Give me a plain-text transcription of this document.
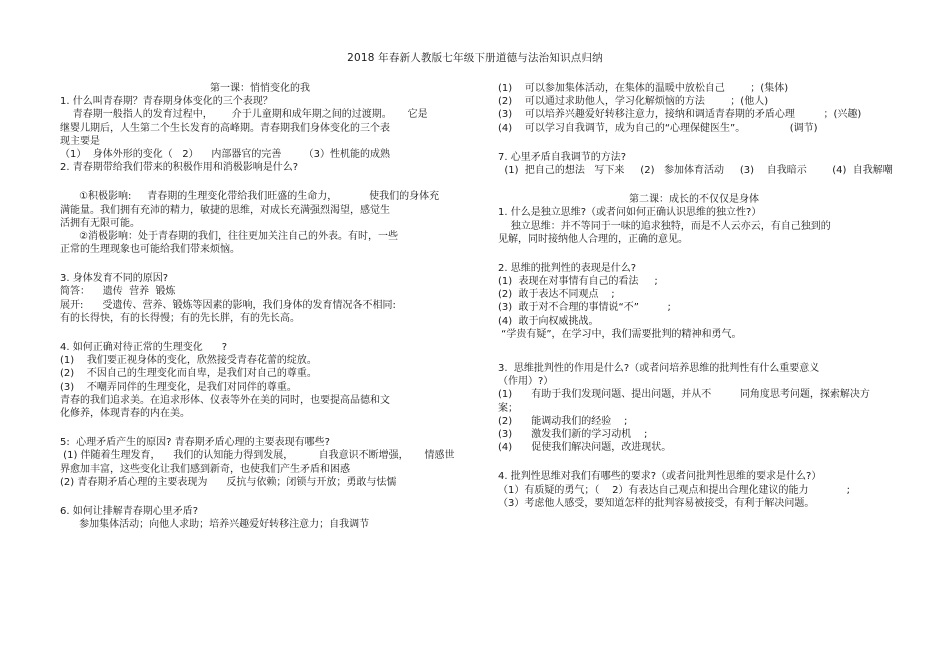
2018 年春新人教版七年级下册道德与法治知识点归纳
第一课：悄悄变化的我
1. 什么叫青春期？青春期身体变化的三个表现？
青春期一般指人的发育过程中，      介于儿童期和成年期之间的过渡期。     它是
继婴儿期后，人生第二个生长发育的高峰期。青春期我们身体变化的三个表
现主要是
（1）  身体外形的变化（   2）    内部器官的完善       （3）性机能的成熟
2. 青春期带给我们带来的积极作用和消极影响是什么?
①积极影响:     青春期的生理变化带给我们旺盛的生命力，          使我们的身体充
满能量。我们拥有充沛的精力，敏捷的思维，对成长充满强烈渴望，感觉生
活拥有无限可能。
②消极影响：处于青春期的我们，往往更加关注自己的外表。有时，一些
正常的生理现象也可能给我们带来烦恼。
3. 身体发育不同的原因?
简答：    遗传  营养  锻炼
展开:      受遗传、营养、锻炼等因素的影响，我们身体的发育情况各不相同:
有的长得快，有的长得慢；有的先长胖，有的先长高。
4. 如何正确对待正常的生理变化      ?
(1)    我们要正视身体的变化，欣然接受青春花蕾的绽放。
(2)    不因自己的生理变化而自卑，是我们对自己的尊重。
(3)    不嘲弄同伴的生理变化，是我们对同伴的尊重。
青春的我们追求美。在追求形体、仪表等外在美的同时，也要提高品德和文
化修养，体现青春的内在美。
5:  心理矛盾产生的原因? 青春期矛盾心理的主要表现有哪些?
(1) 伴随着生理发育，    我们的认知能力得到发展，        自我意识不断增强，     情感世
界愈加丰富，这些变化让我们感到新奇，也使我们产生矛盾和困惑
(2) 青春期矛盾心理的主要表现为      反抗与依赖；闭锁与开放；勇敢与怯懦
6. 如何让排解青春期心里矛盾?
参加集体活动；向他人求助；培养兴趣爱好转移注意力；自我调节
(1)    可以参加集体活动，在集体的温暖中放松自己        ；(集体)
(2)    可以通过求助他人，学习化解烦恼的方法        ；(他人)
(3)    可以培养兴趣爱好转移注意力，接纳和调适青春期的矛盾心理         ；(兴趣)
(4)    可以学习自我调节，成为自己的“心理保健医生”。              (调节)
7. 心里矛盾自我调节的方法?
(1)  把自己的想法   写下来     (2)   参加体育活动     (3)    自我暗示        (4)  自我解嘲
第二课：成长的不仅仅是身体
1. 什么是独立思维?（或者问如何正确认识思维的独立性?）
独立思维：并不等同于一味的追求独特，而是不人云亦云，有自己独到的
见解，同时接纳他人合理的，正确的意见。
2. 思维的批判性的表现是什么?
(1)  表现在对事情有自己的看法     ;
(2)  敢于表达不同观点    ;
(3)  敢于对不合理的事情说“不”         ;
(4)  敢于向权威挑战。
“学贵有疑”，在学习中，我们需要批判的精神和勇气。
3.  思维批判性的作用是什么?（或者问培养思维的批判性有什么重要意义
（作用）?）
(1)      有助于我们发现问题、提出问题，并从不         同角度思考问题，探索解决方
案；
(2)      能调动我们的经验    ;
(3)      激发我们新的学习动机    ;
(4)      促使我们解决问题，改进现状。
4. 批判性思维对我们有哪些的要求?（或者问批判性思维的要求是什么?）
（1）有质疑的勇气；（    2）有表达自己观点和提出合理化建议的能力            ;
（3）考虑他人感受，要知道怎样的批判容易被接受，有利于解决问题。
